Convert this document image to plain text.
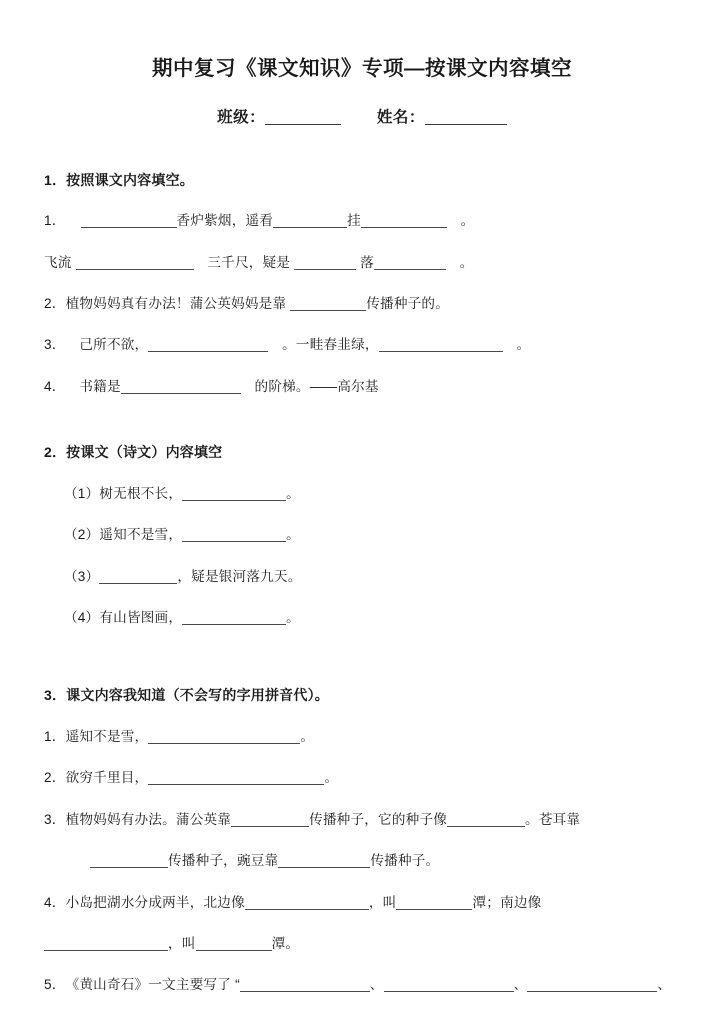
期中复习《课文知识》专项—按课文内容填空
班级：	姓名：
1．按照课文内容填空。
1．	香炉紫烟，遥看	挂	　。
飞流	　三千尺，疑是	落	　。
2．植物妈妈真有办法！蒲公英妈妈是靠	传播种子的。
3．　己所不欲，	　。一畦春韭绿，	　。
4．　书籍是	　的阶梯。——高尔基
2．按课文（诗文）内容填空
（1）树无根不长，	。
（2）遥知不是雪，	。
（3）	，疑是银河落九天。
（4）有山皆图画，	。
3．课文内容我知道（不会写的字用拼音代）。
1．遥知不是雪，	。
2．欲穷千里目，	。
3．植物妈妈有办法。蒲公英靠	传播种子，它的种子像	。苍耳靠
传播种子，豌豆靠	传播种子。
4．小岛把湖水分成两半，北边像	，叫	潭；南边像
，叫	潭。
5．《黄山奇石》一文主要写了 “	、	、	、
